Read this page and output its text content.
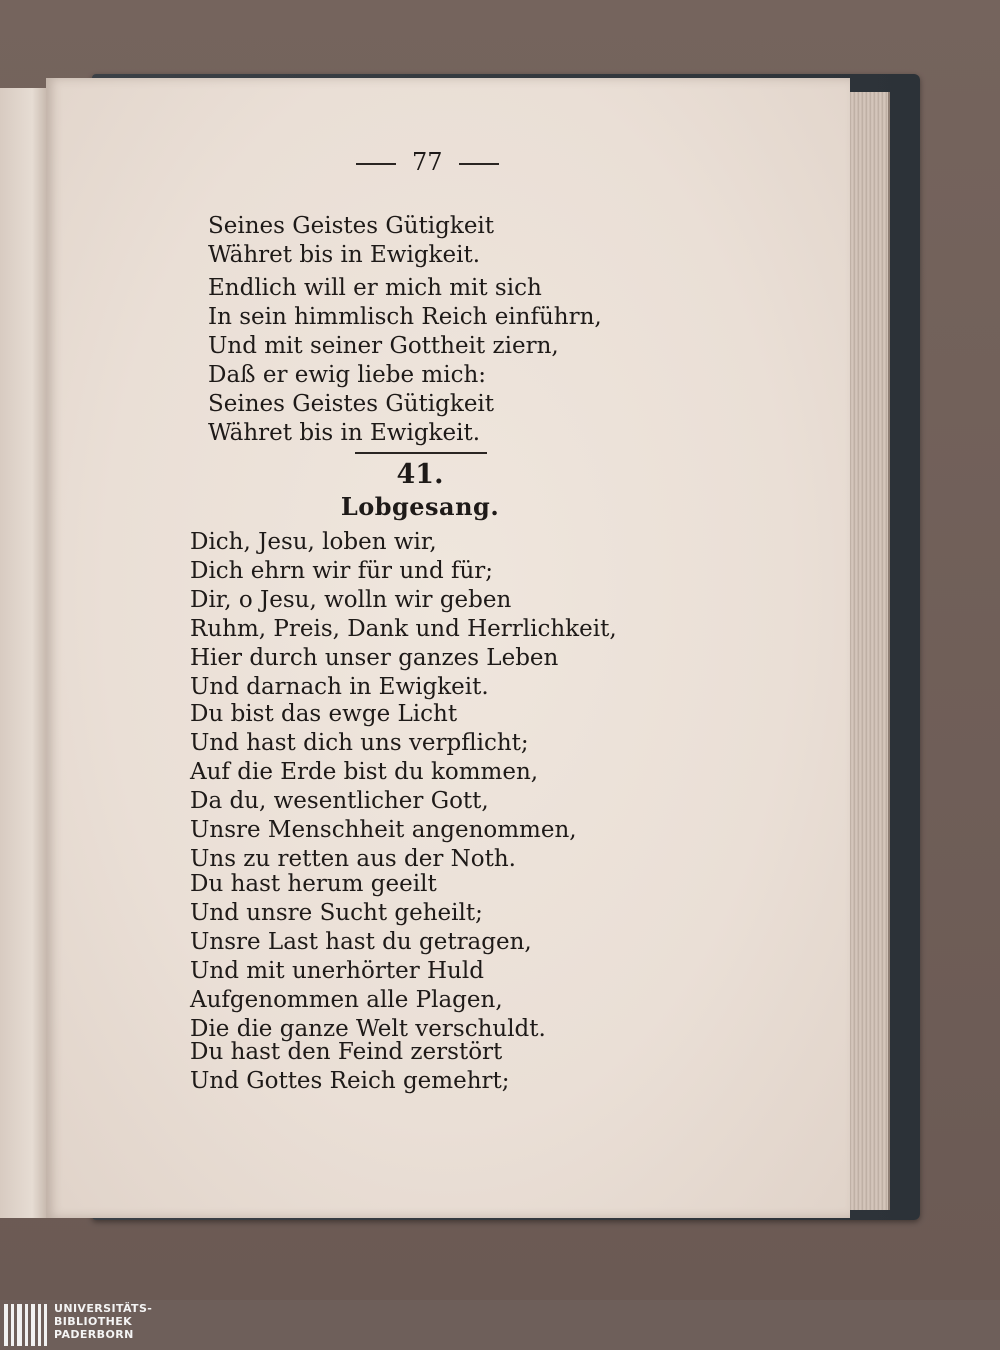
77
Seines Geistes Gütigkeit
Währet bis in Ewigkeit.
Endlich will er mich mit sich
In sein himmlisch Reich einführn,
Und mit seiner Gottheit ziern,
Daß er ewig liebe mich:
Seines Geistes Gütigkeit
Währet bis in Ewigkeit.
41.
Lobgesang.
Dich, Jesu, loben wir,
Dich ehrn wir für und für;
Dir, o Jesu, wolln wir geben
Ruhm, Preis, Dank und Herrlichkeit,
Hier durch unser ganzes Leben
Und darnach in Ewigkeit.
Du bist das ewge Licht
Und hast dich uns verpflicht;
Auf die Erde bist du kommen,
Da du, wesentlicher Gott,
Unsre Menschheit angenommen,
Uns zu retten aus der Noth.
Du hast herum geeilt
Und unsre Sucht geheilt;
Unsre Last hast du getragen,
Und mit unerhörter Huld
Aufgenommen alle Plagen,
Die die ganze Welt verschuldt.
Du hast den Feind zerstört
Und Gottes Reich gemehrt;
UNIVERSITÄTS-
BIBLIOTHEK
PADERBORN
